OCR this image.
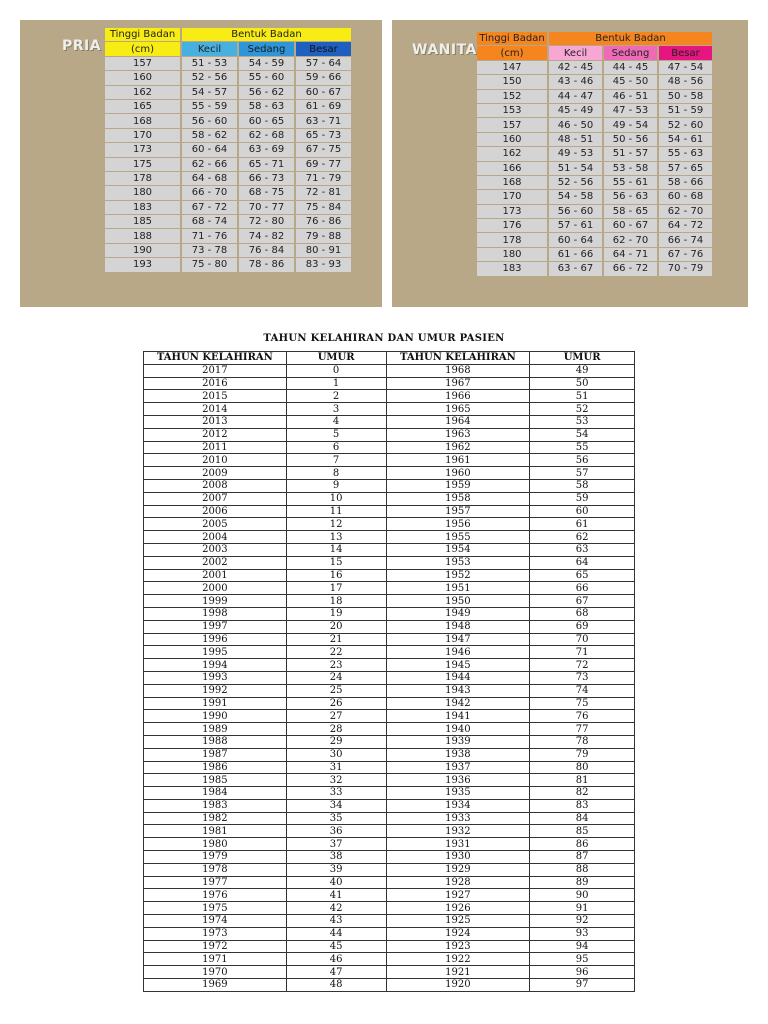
PRIA
Tinggi Badan	Bentuk Badan		
(cm)	Kecil	Sedang	Besar
157	51 - 53	54 - 59	57 - 64
160	52 - 56	55 - 60	59 - 66
162	54 - 57	56 - 62	60 - 67
165	55 - 59	58 - 63	61 - 69
168	56 - 60	60 - 65	63 - 71
170	58 - 62	62 - 68	65 - 73
173	60 - 64	63 - 69	67 - 75
175	62 - 66	65 - 71	69 - 77
178	64 - 68	66 - 73	71 - 79
180	66 - 70	68 - 75	72 - 81
183	67 - 72	70 - 77	75 - 84
185	68 - 74	72 - 80	76 - 86
188	71 - 76	74 - 82	79 - 88
190	73 - 78	76 - 84	80 - 91
193	75 - 80	78 - 86	83 - 93
WANITA
Tinggi Badan	Bentuk Badan		
(cm)	Kecil	Sedang	Besar
147	42 - 45	44 - 45	47 - 54
150	43 - 46	45 - 50	48 - 56
152	44 - 47	46 - 51	50 - 58
153	45 - 49	47 - 53	51 - 59
157	46 - 50	49 - 54	52 - 60
160	48 - 51	50 - 56	54 - 61
162	49 - 53	51 - 57	55 - 63
166	51 - 54	53 - 58	57 - 65
168	52 - 56	55 - 61	58 - 66
170	54 - 58	56 - 63	60 - 68
173	56 - 60	58 - 65	62 - 70
176	57 - 61	60 - 67	64 - 72
178	60 - 64	62 - 70	66 - 74
180	61 - 66	64 - 71	67 - 76
183	63 - 67	66 - 72	70 - 79
TAHUN KELAHIRAN DAN UMUR PASIEN
TAHUN KELAHIRAN	UMUR	TAHUN KELAHIRAN	UMUR
2017	0	1968	49
2016	1	1967	50
2015	2	1966	51
2014	3	1965	52
2013	4	1964	53
2012	5	1963	54
2011	6	1962	55
2010	7	1961	56
2009	8	1960	57
2008	9	1959	58
2007	10	1958	59
2006	11	1957	60
2005	12	1956	61
2004	13	1955	62
2003	14	1954	63
2002	15	1953	64
2001	16	1952	65
2000	17	1951	66
1999	18	1950	67
1998	19	1949	68
1997	20	1948	69
1996	21	1947	70
1995	22	1946	71
1994	23	1945	72
1993	24	1944	73
1992	25	1943	74
1991	26	1942	75
1990	27	1941	76
1989	28	1940	77
1988	29	1939	78
1987	30	1938	79
1986	31	1937	80
1985	32	1936	81
1984	33	1935	82
1983	34	1934	83
1982	35	1933	84
1981	36	1932	85
1980	37	1931	86
1979	38	1930	87
1978	39	1929	88
1977	40	1928	89
1976	41	1927	90
1975	42	1926	91
1974	43	1925	92
1973	44	1924	93
1972	45	1923	94
1971	46	1922	95
1970	47	1921	96
1969	48	1920	97
